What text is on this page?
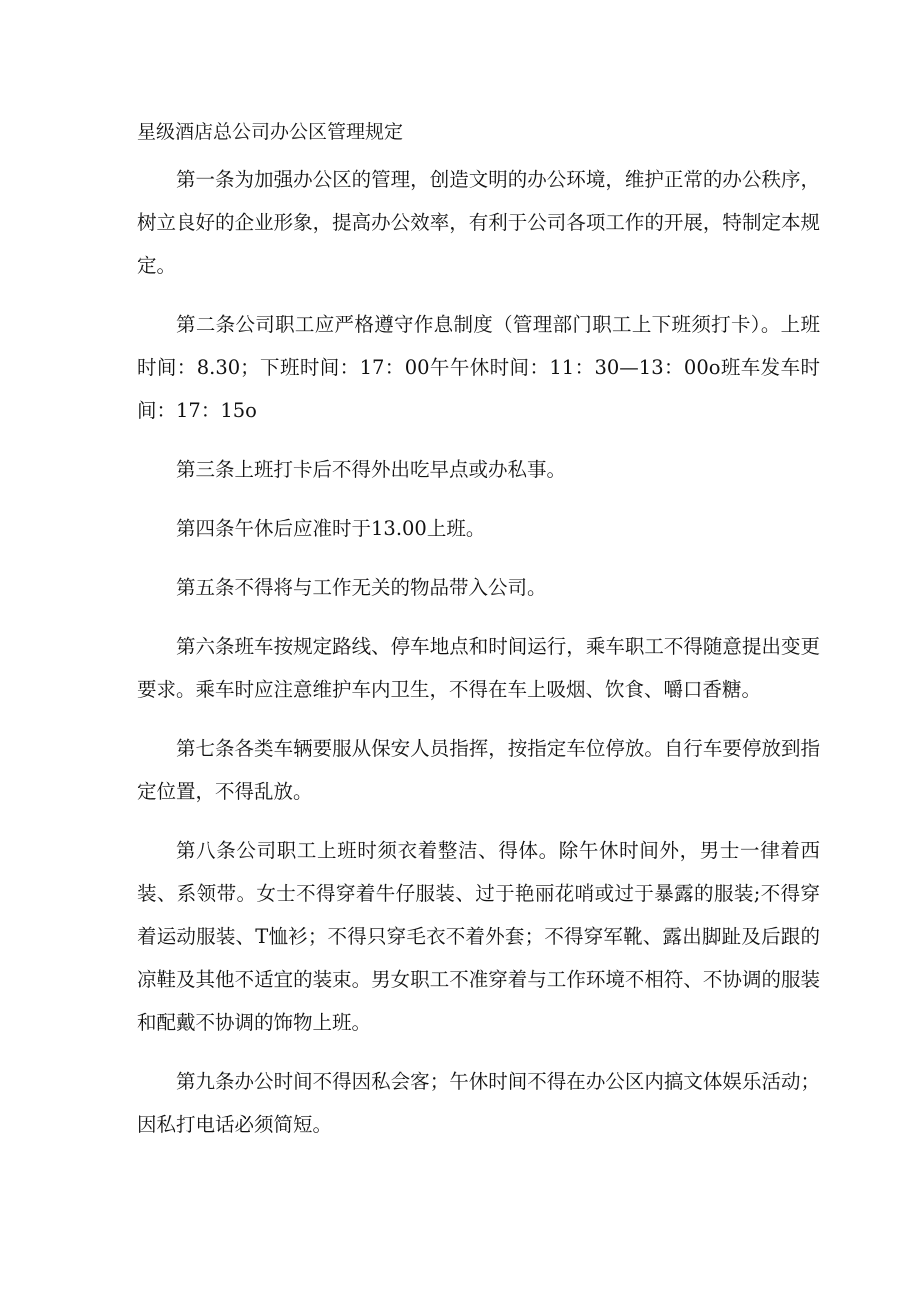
星级酒店总公司办公区管理规定

第一条为加强办公区的管理，创造文明的办公环境，维护正常的办公秩序，树立良好的企业形象，提高办公效率，有利于公司各项工作的开展，特制定本规定。

第二条公司职工应严格遵守作息制度（管理部门职工上下班须打卡）。上班时间：8.30；下班时间：17：00午午休时间：11：30—13：00o班车发车时间：17：15o

第三条上班打卡后不得外出吃早点或办私事。

第四条午休后应准时于13.00上班。

第五条不得将与工作无关的物品带入公司。

第六条班车按规定路线、停车地点和时间运行，乘车职工不得随意提出变更要求。乘车时应注意维护车内卫生，不得在车上吸烟、饮食、嚼口香糖。

第七条各类车辆要服从保安人员指挥，按指定车位停放。自行车要停放到指定位置，不得乱放。

第八条公司职工上班时须衣着整洁、得体。除午休时间外，男士一律着西装、系领带。女士不得穿着牛仔服装、过于艳丽花哨或过于暴露的服装;不得穿着运动服装、T恤衫；不得只穿毛衣不着外套；不得穿军靴、露出脚趾及后跟的凉鞋及其他不适宜的装束。男女职工不准穿着与工作环境不相符、不协调的服装和配戴不协调的饰物上班。

第九条办公时间不得因私会客；午休时间不得在办公区内搞文体娱乐活动；因私打电话必须简短。
